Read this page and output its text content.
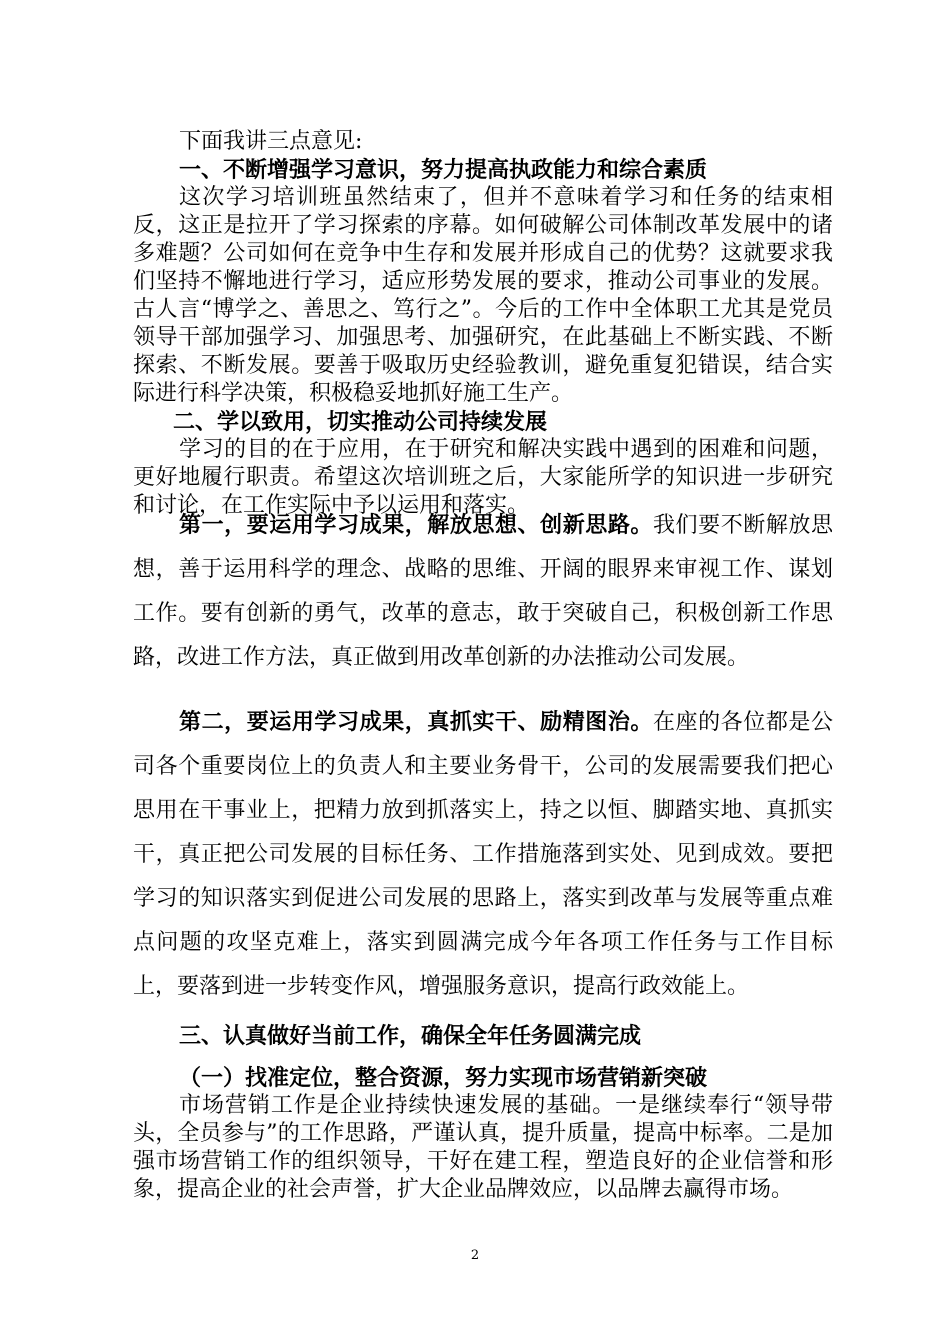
下面我讲三点意见:

一、不断增强学习意识，努力提高执政能力和综合素质

这次学习培训班虽然结束了，但并不意味着学习和任务的结束相反，这正是拉开了学习探索的序幕。如何破解公司体制改革发展中的诸多难题？公司如何在竞争中生存和发展并形成自己的优势？这就要求我们坚持不懈地进行学习，适应形势发展的要求，推动公司事业的发展。古人言“博学之、善思之、笃行之”。今后的工作中全体职工尤其是党员领导干部加强学习、加强思考、加强研究，在此基础上不断实践、不断探索、不断发展。要善于吸取历史经验教训，避免重复犯错误，结合实际进行科学决策，积极稳妥地抓好施工生产。

二、学以致用，切实推动公司持续发展

学习的目的在于应用，在于研究和解决实践中遇到的困难和问题，更好地履行职责。希望这次培训班之后，大家能所学的知识进一步研究和讨论，在工作实际中予以运用和落实。

第一，要运用学习成果，解放思想、创新思路。我们要不断解放思想，善于运用科学的理念、战略的思维、开阔的眼界来审视工作、谋划工作。要有创新的勇气，改革的意志，敢于突破自己，积极创新工作思路，改进工作方法，真正做到用改革创新的办法推动公司发展。

第二，要运用学习成果，真抓实干、励精图治。在座的各位都是公司各个重要岗位上的负责人和主要业务骨干，公司的发展需要我们把心思用在干事业上，把精力放到抓落实上，持之以恒、脚踏实地、真抓实干，真正把公司发展的目标任务、工作措施落到实处、见到成效。要把学习的知识落实到促进公司发展的思路上，落实到改革与发展等重点难点问题的攻坚克难上，落实到圆满完成今年各项工作任务与工作目标上，要落到进一步转变作风，增强服务意识，提高行政效能上。

三、认真做好当前工作，确保全年任务圆满完成

（一）找准定位，整合资源，努力实现市场营销新突破

市场营销工作是企业持续快速发展的基础。一是继续奉行“领导带头，全员参与”的工作思路，严谨认真，提升质量，提高中标率。二是加强市场营销工作的组织领导，干好在建工程，塑造良好的企业信誉和形象，提高企业的社会声誉，扩大企业品牌效应，以品牌去赢得市场。

2
